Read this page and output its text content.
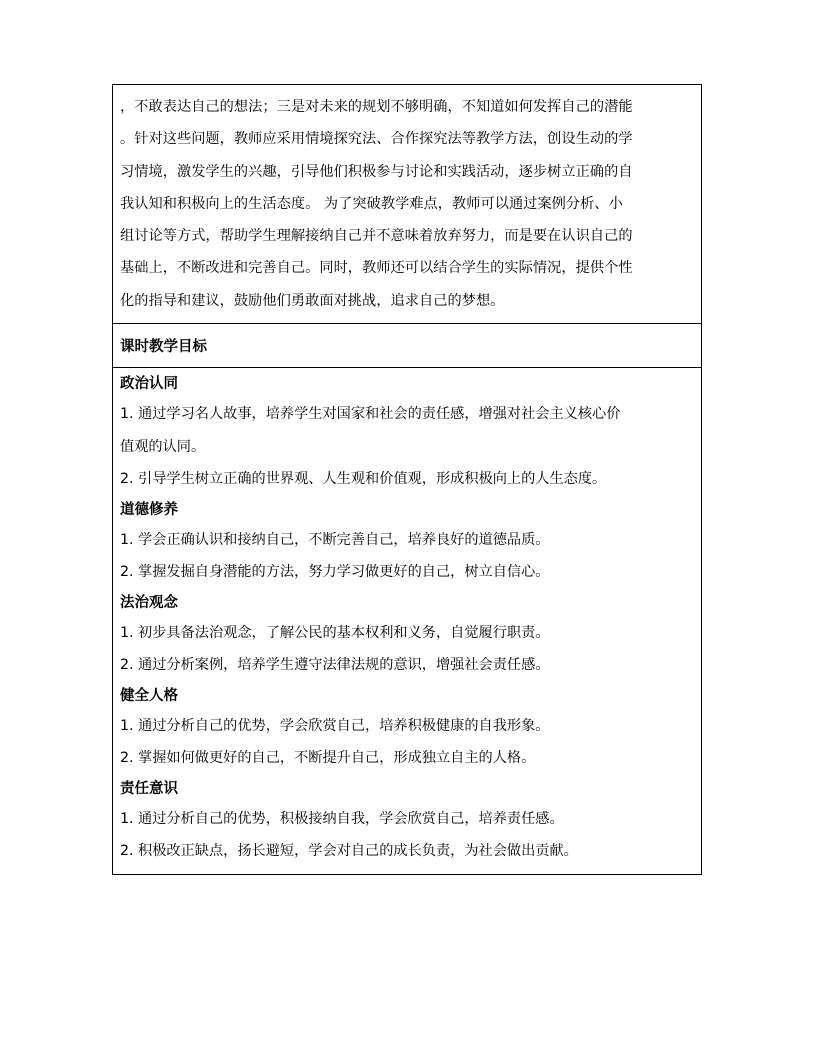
，不敢表达自己的想法；三是对未来的规划不够明确，不知道如何发挥自己的潜能

。针对这些问题，教师应采用情境探究法、合作探究法等教学方法，创设生动的学

习情境，激发学生的兴趣，引导他们积极参与讨论和实践活动，逐步树立正确的自

我认知和积极向上的生活态度。 为了突破教学难点，教师可以通过案例分析、小

组讨论等方式，帮助学生理解接纳自己并不意味着放弃努力，而是要在认识自己的

基础上，不断改进和完善自己。同时，教师还可以结合学生的实际情况，提供个性

化的指导和建议，鼓励他们勇敢面对挑战，追求自己的梦想。

课时教学目标

政治认同

1. 通过学习名人故事，培养学生对国家和社会的责任感，增强对社会主义核心价

值观的认同。

2. 引导学生树立正确的世界观、人生观和价值观，形成积极向上的人生态度。

道德修养

1. 学会正确认识和接纳自己，不断完善自己，培养良好的道德品质。

2. 掌握发掘自身潜能的方法，努力学习做更好的自己，树立自信心。

法治观念

1. 初步具备法治观念，了解公民的基本权利和义务，自觉履行职责。

2. 通过分析案例，培养学生遵守法律法规的意识，增强社会责任感。

健全人格

1. 通过分析自己的优势，学会欣赏自己，培养积极健康的自我形象。

2. 掌握如何做更好的自己，不断提升自己，形成独立自主的人格。

责任意识

1. 通过分析自己的优势，积极接纳自我，学会欣赏自己，培养责任感。

2. 积极改正缺点，扬长避短，学会对自己的成长负责，为社会做出贡献。
